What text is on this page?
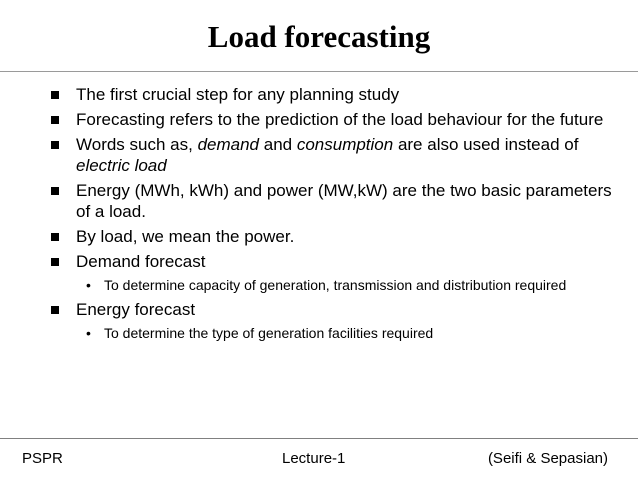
Load forecasting
The first crucial step for any planning study
Forecasting refers to the prediction of the load behaviour for the future
Words such as, demand and consumption are also used instead of electric load
Energy (MWh, kWh) and power (MW,kW) are the two basic parameters of a load.
By load, we mean the power.
Demand forecast
• To determine capacity of generation, transmission and distribution required
Energy forecast
• To determine the type of generation facilities required
PSPR	Lecture-1	(Seifi & Sepasian)
